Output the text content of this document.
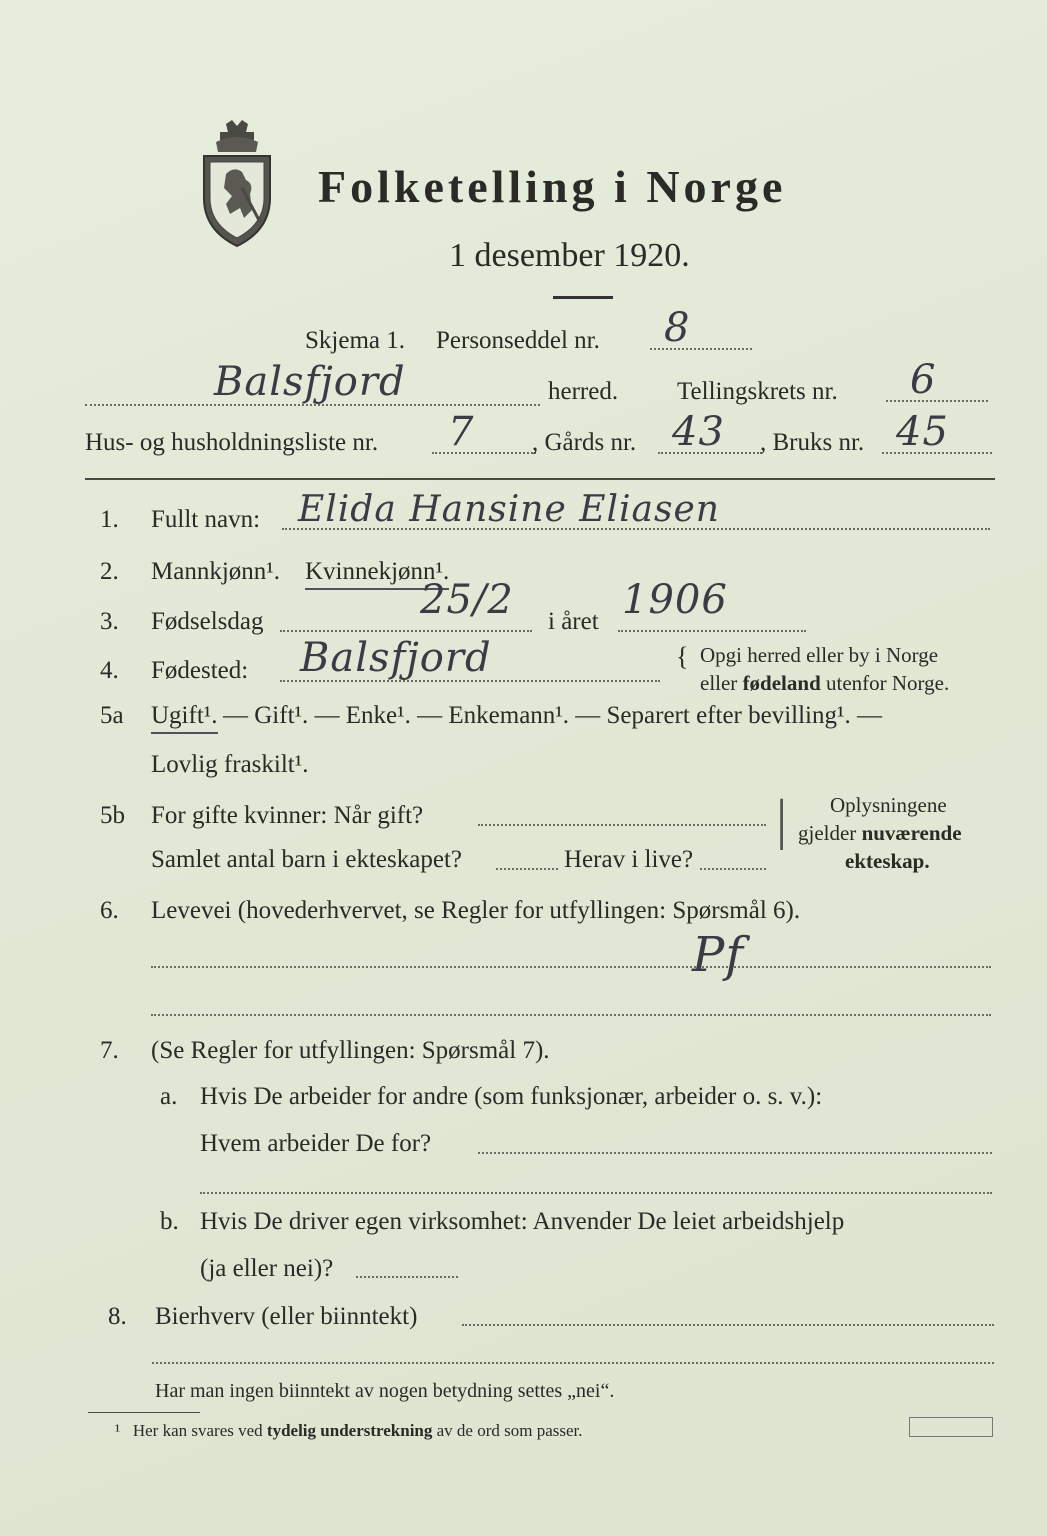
Folketelling i Norge
1 desember 1920.
Skjema 1. Personseddel nr. 8
Balsfjord	herred. Tellingskrets nr. 6
Hus- og husholdningsliste nr. 7 , Gårds nr. 43 , Bruks nr. 45
1. Fullt navn: Elida Hansine Eliasen
2. Mannkjønn¹. Kvinnekjønn¹.
3. Fødselsdag	25/2 i året 1906
4. Fødested: Balsfjord	{ Opgi herred eller by i Norge
eller fødeland utenfor Norge.
5a Ugift¹. — Gift¹. — Enke¹. — Enkemann¹. — Separert efter bevilling¹. —
Lovlig fraskilt¹.
5b For gifte kvinner: Når gift?
Samlet antal barn i ekteskapet?	Herav i live?
| Oplysningene
gjelder nuværende
ekteskap.
6. Levevei (hovederhvervet, se Regler for utfyllingen: Spørsmål 6).
Pf
7. (Se Regler for utfyllingen: Spørsmål 7).
a. Hvis De arbeider for andre (som funksjonær, arbeider o. s. v.):
Hvem arbeider De for?
b. Hvis De driver egen virksomhet: Anvender De leiet arbeidshjelp
(ja eller nei)?
8. Bierhverv (eller biinntekt)
Har man ingen biinntekt av nogen betydning settes „nei“.
¹ Her kan svares ved tydelig understrekning av de ord som passer.
